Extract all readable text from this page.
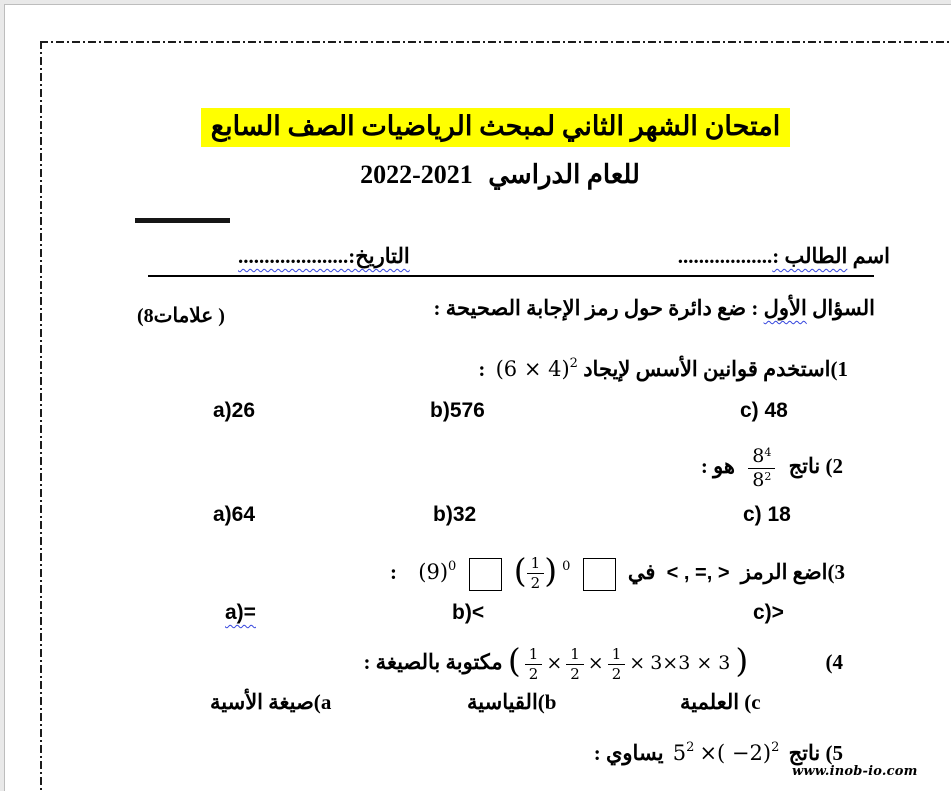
امتحان الشهر الثاني لمبحث الرياضيات الصف السابع
للعام الدراسي 2022-2021
اسم الطالب :..................
التاريخ:.....................
السؤال الأول : ضع دائرة حول رمز الإجابة الصحيحة :
(8علامات )
1)استخدم قوانين الأسس لإيجاد $(6 \times 4)^2$ :
a)26	b)576	c) 48
2) ناتج
$\frac{8^4}{8^2}$
هو :
a)64	b)32	c) 18
3)اضع الرمز < , =, > في  ( $\frac{1}{2}$ ) $^0$  $(9)^0$ :
a)=	b)<	c)>
4) ( $\frac{1}{2} \times \frac{1}{2} \times \frac{1}{2} \times 3\times 3 \times 3$ ) مكتوبة بالصيغة :
a)صيغة الأسية	b)القياسية	c) العلمية
5) ناتج $5^2$ ×( −2)$^2$ يساوي :
www.inob-io.com
